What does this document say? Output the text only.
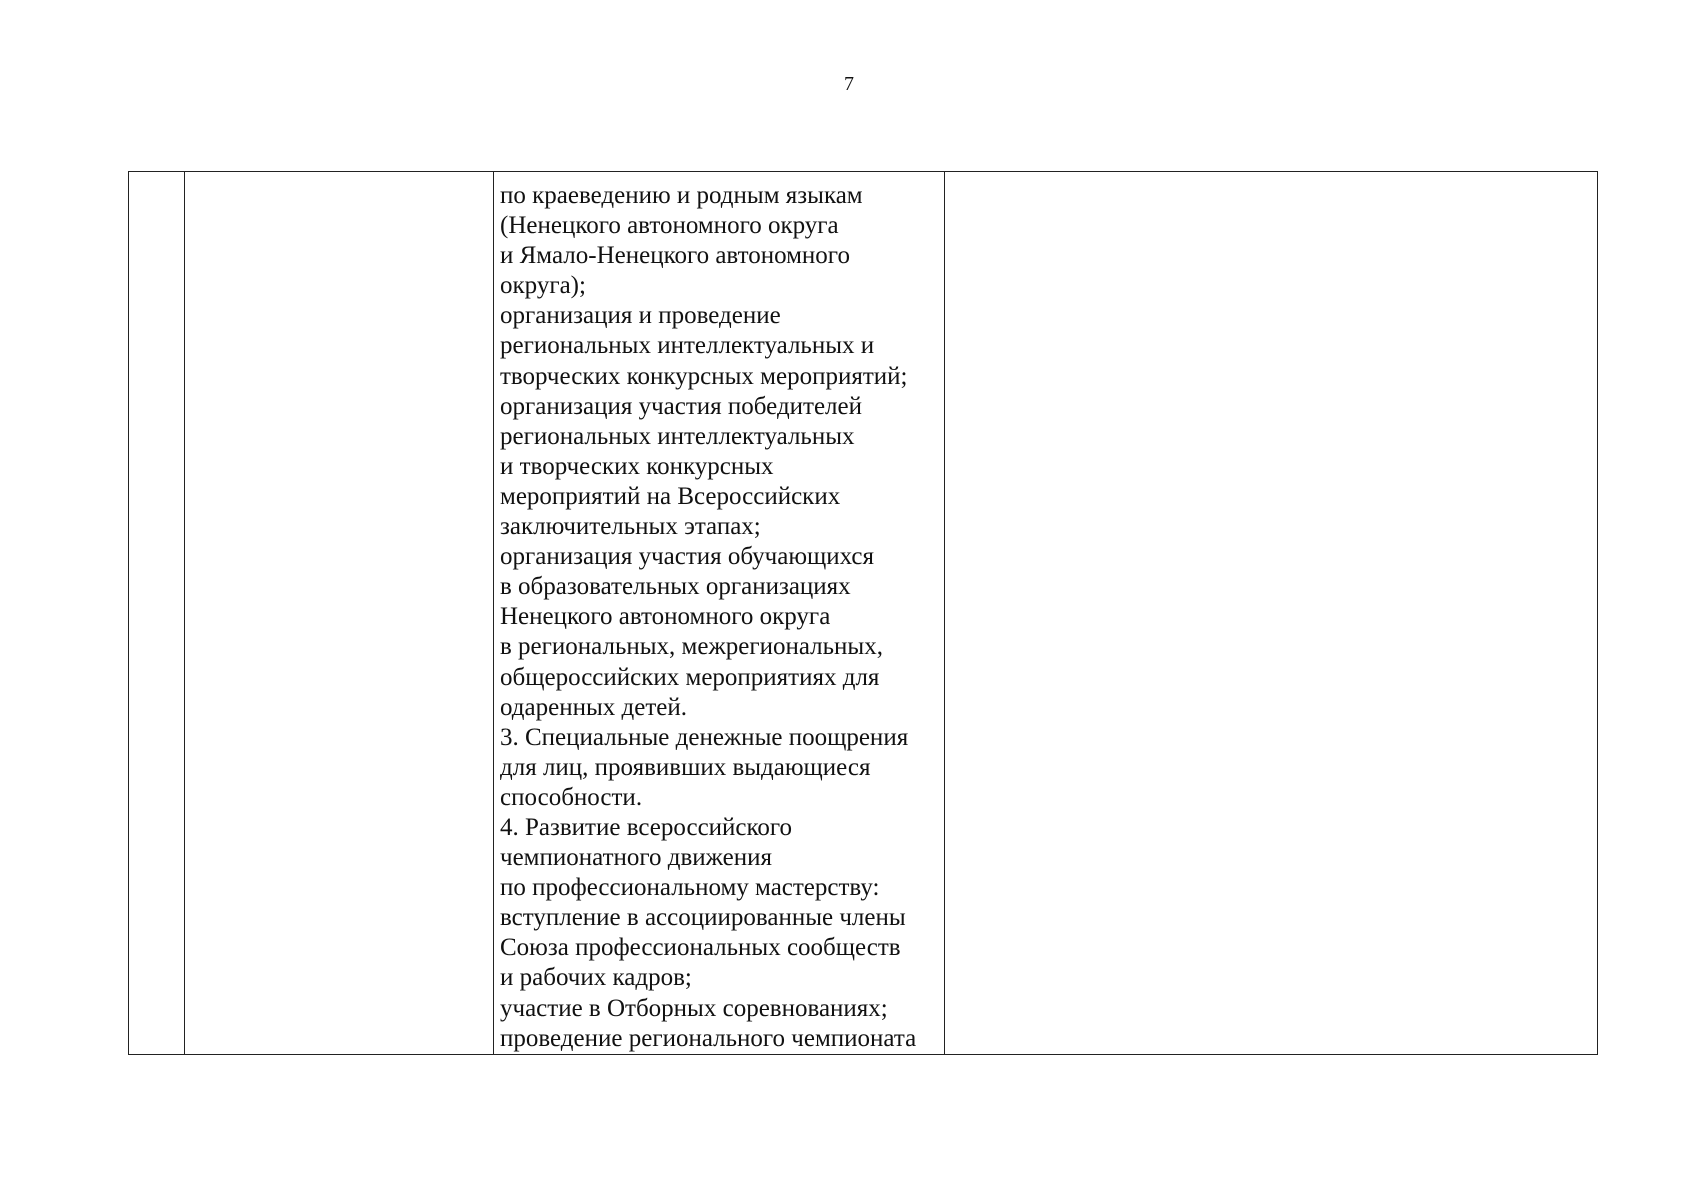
7

по краеведению и родным языкам
(Ненецкого автономного округа
и Ямало-Ненецкого автономного
округа);
организация и проведение
региональных интеллектуальных и
творческих конкурсных мероприятий;
организация участия победителей
региональных интеллектуальных
и творческих конкурсных
мероприятий на Всероссийских
заключительных этапах;
организация участия обучающихся
в образовательных организациях
Ненецкого автономного округа
в региональных, межрегиональных,
общероссийских мероприятиях для
одаренных детей.
3. Специальные денежные поощрения
для лиц, проявивших выдающиеся
способности.
4. Развитие всероссийского
чемпионатного движения
по профессиональному мастерству:
вступление в ассоциированные члены
Союза профессиональных сообществ
и рабочих кадров;
участие в Отборных соревнованиях;
проведение регионального чемпионата
